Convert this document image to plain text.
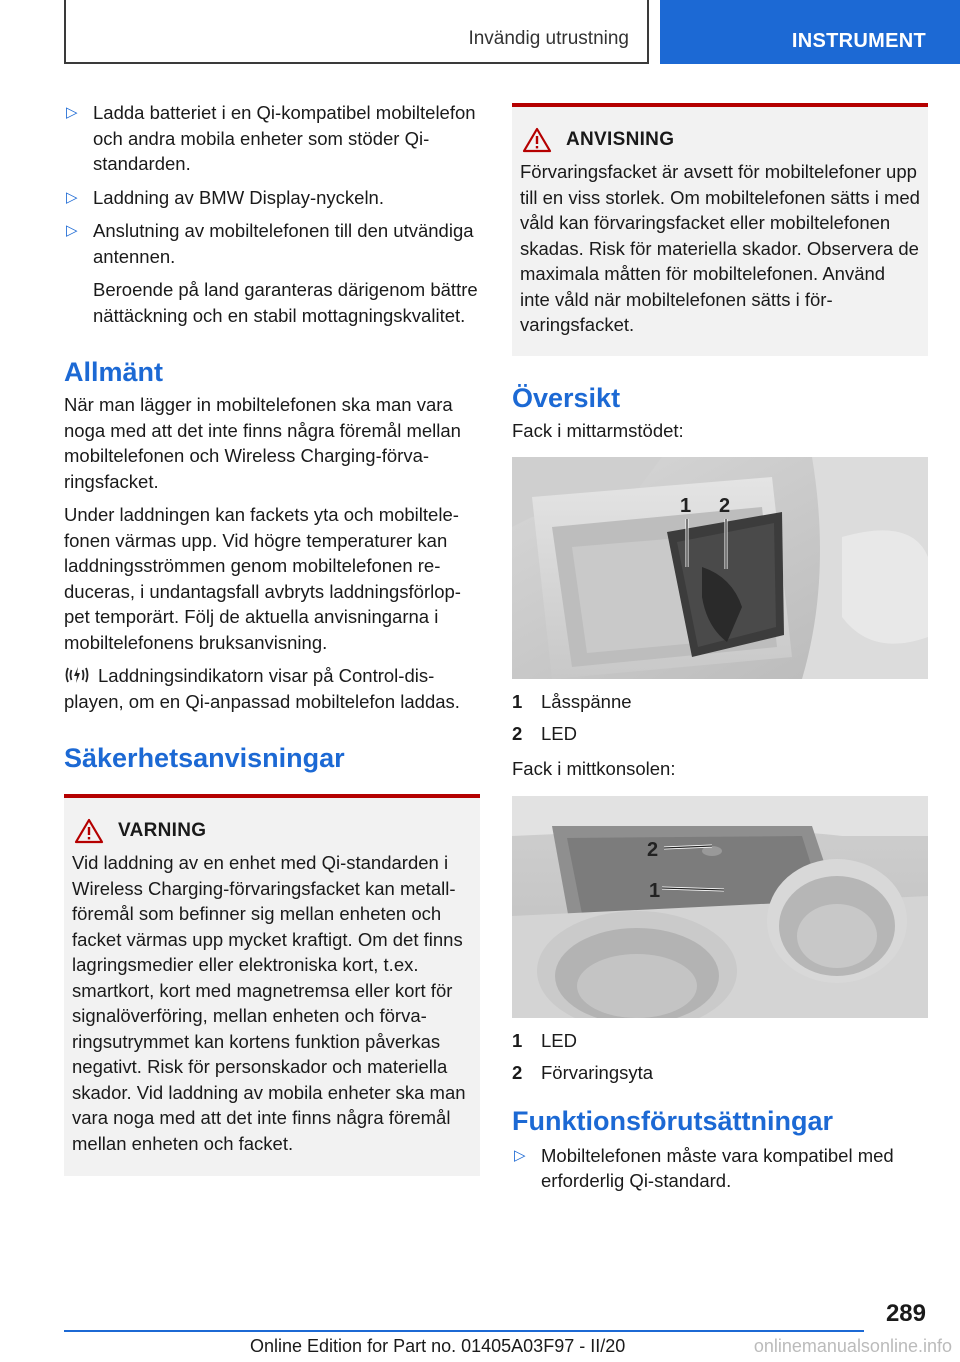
Invändig utrustning	INSTRUMENT
▷ Ladda batteriet i en Qi-kompatibel mobiltelefon och andra mobila enheter som stöder Qi-standarden.
▷ Laddning av BMW Display-nyckeln.
▷ Anslutning av mobiltelefonen till den utvändiga antennen.

Beroende på land garanteras därigenom bättre nättäckning och en stabil mottagningskvalitet.

Allmänt

När man lägger in mobiltelefonen ska man vara noga med att det inte finns några föremål mellan mobiltelefonen och Wireless Charging-förvaringsfacket.

Under laddningen kan fackets yta och mobiltelefonen värmas upp. Vid högre temperaturer kan laddningsströmmen genom mobiltelefonen reduceras, i undantagsfall avbryts laddningsförloppet temporärt. Följ de aktuella anvisningarna i mobiltelefonens bruksanvisning.

Laddningsindikatorn visar på Control-displayen, om en Qi-anpassad mobiltelefon laddas.

Säkerhetsanvisningar
VARNING

Vid laddning av en enhet med Qi-standarden i Wireless Charging-förvaringsfacket kan metallföremål som befinner sig mellan enheten och facket värmas upp mycket kraftigt. Om det finns lagringsmedier eller elektroniska kort, t.ex. smartkort, kort med magnetremsa eller kort för signalöverföring, mellan enheten och förvaringsutrymmet kan kortens funktion påverkas negativt. Risk för personskador och materiella skador. Vid laddning av mobila enheter ska man vara noga med att det inte finns några föremål mellan enheten och facket.

ANVISNING

Förvaringsfacket är avsett för mobiltelefoner upp till en viss storlek. Om mobiltelefonen sätts i med våld kan förvaringsfacket eller mobiltelefonen skadas. Risk för materiella skador. Observera de maximala måtten för mobiltelefonen. Använd inte våld när mobiltelefonen sätts i förvaringsfacket.

Översikt

Fack i mittarmstödet:

1 2
1	Låsspänne
2	LED

Fack i mittkonsolen:

2
1
1	LED
2	Förvaringsyta
Funktionsförutsättningar
▷ Mobiltelefonen måste vara kompatibel med erforderlig Qi-standard.
289
Online Edition for Part no. 01405A03F97 - II/20	onlinemanualsonline.info
